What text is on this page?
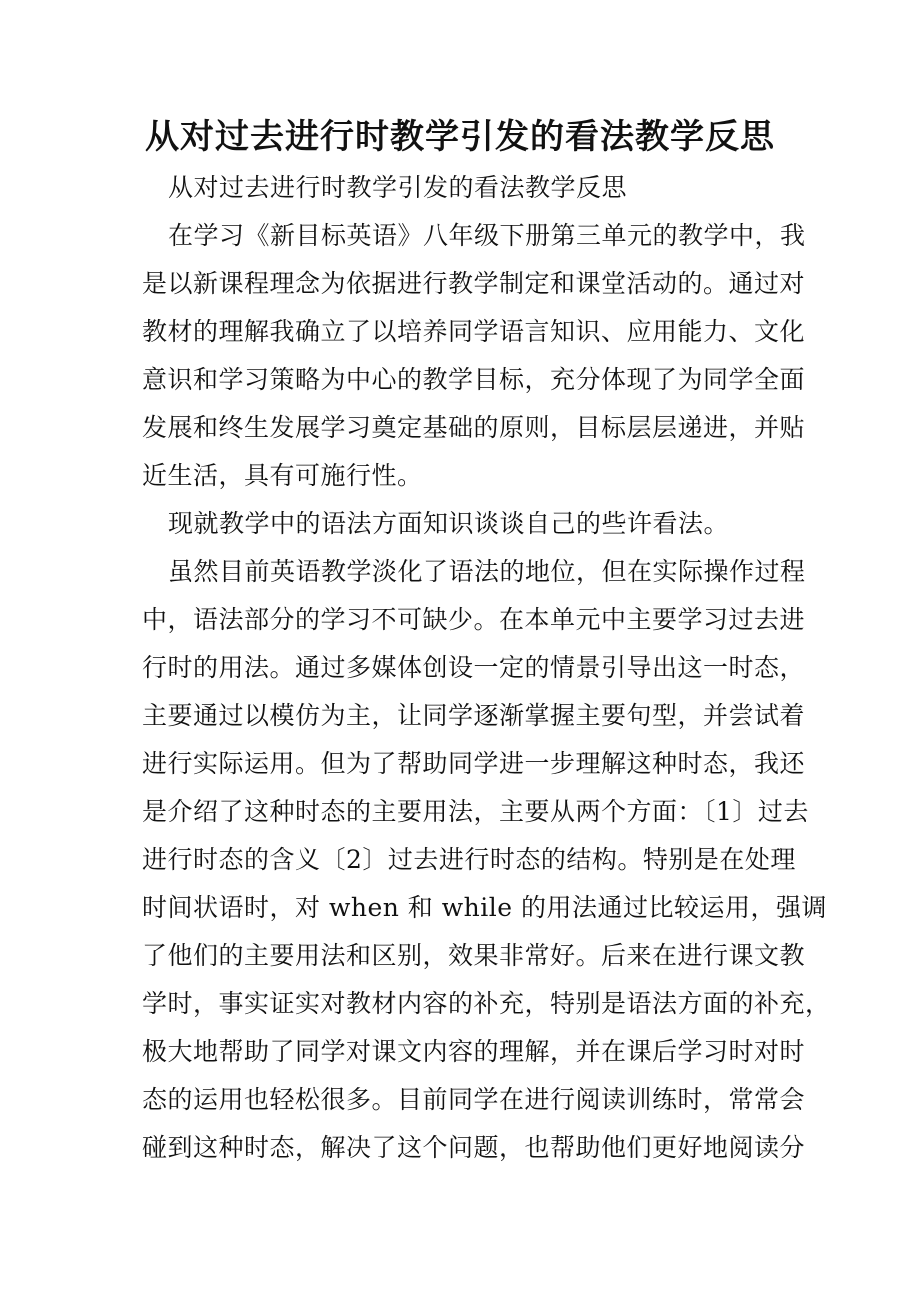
从对过去进行时教学引发的看法教学反思
从对过去进行时教学引发的看法教学反思
在学习《新目标英语》八年级下册第三单元的教学中，我
是以新课程理念为依据进行教学制定和课堂活动的。通过对
教材的理解我确立了以培养同学语言知识、应用能力、文化
意识和学习策略为中心的教学目标，充分体现了为同学全面
发展和终生发展学习奠定基础的原则，目标层层递进，并贴
近生活，具有可施行性。
现就教学中的语法方面知识谈谈自己的些许看法。
虽然目前英语教学淡化了语法的地位，但在实际操作过程
中，语法部分的学习不可缺少。在本单元中主要学习过去进
行时的用法。通过多媒体创设一定的情景引导出这一时态，
主要通过以模仿为主，让同学逐渐掌握主要句型，并尝试着
进行实际运用。但为了帮助同学进一步理解这种时态，我还
是介绍了这种时态的主要用法，主要从两个方面：〔1〕过去
进行时态的含义〔2〕过去进行时态的结构。特别是在处理
时间状语时，对 when 和 while 的用法通过比较运用，强调
了他们的主要用法和区别，效果非常好。后来在进行课文教
学时，事实证实对教材内容的补充，特别是语法方面的补充，
极大地帮助了同学对课文内容的理解，并在课后学习时对时
态的运用也轻松很多。目前同学在进行阅读训练时，常常会
碰到这种时态，解决了这个问题，也帮助他们更好地阅读分
